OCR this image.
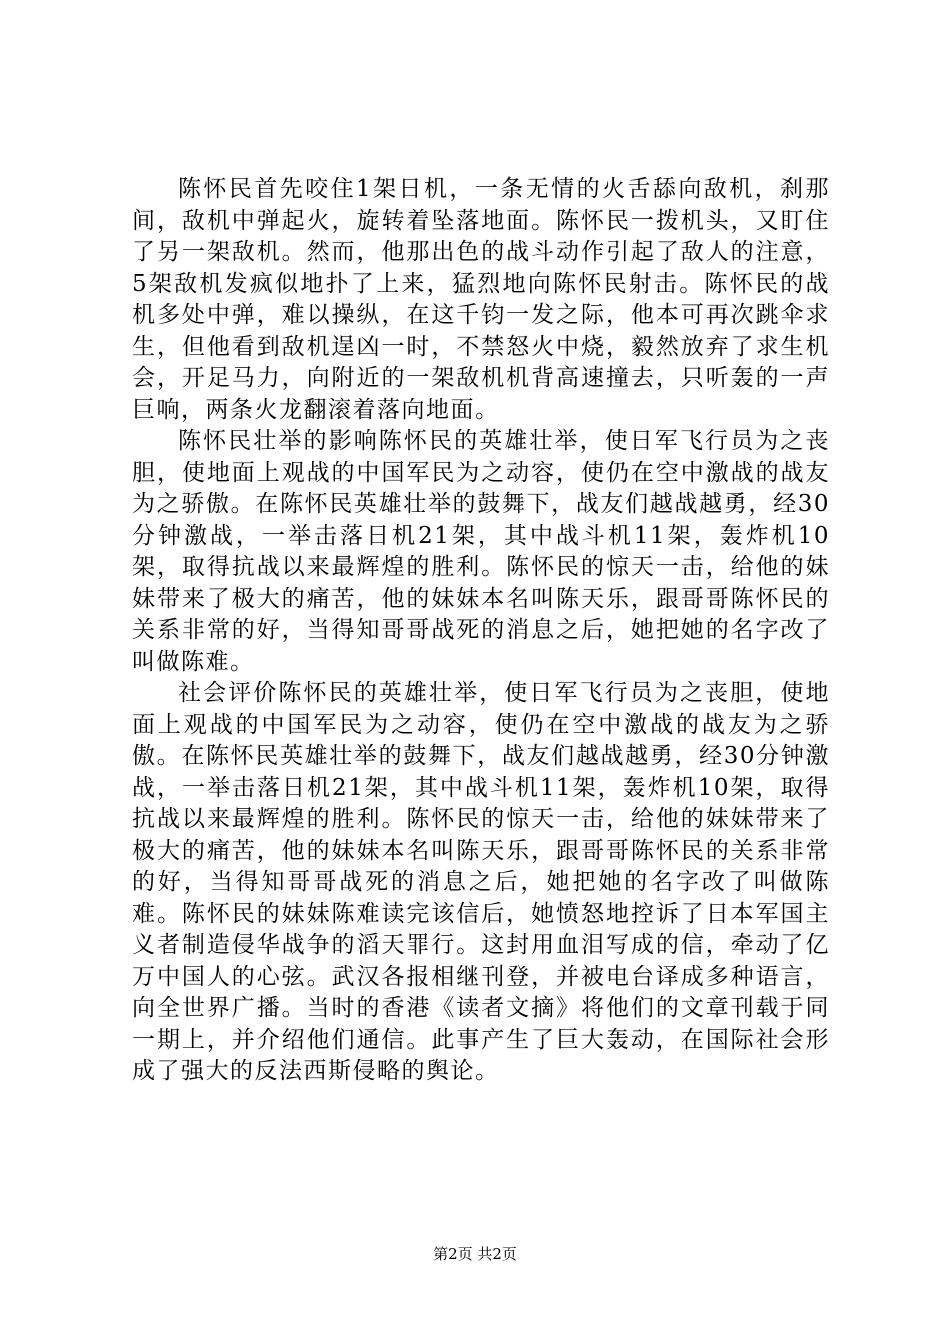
陈怀民首先咬住1架日机，一条无情的火舌舔向敌机，刹那间，敌机中弹起火，旋转着坠落地面。陈怀民一拨机头，又盯住了另一架敌机。然而，他那出色的战斗动作引起了敌人的注意，5架敌机发疯似地扑了上来，猛烈地向陈怀民射击。陈怀民的战机多处中弹，难以操纵，在这千钧一发之际，他本可再次跳伞求生，但他看到敌机逞凶一时，不禁怒火中烧，毅然放弃了求生机会，开足马力，向附近的一架敌机机背高速撞去，只听轰的一声巨响，两条火龙翻滚着落向地面。

陈怀民壮举的影响陈怀民的英雄壮举，使日军飞行员为之丧胆，使地面上观战的中国军民为之动容，使仍在空中激战的战友为之骄傲。在陈怀民英雄壮举的鼓舞下，战友们越战越勇，经30分钟激战，一举击落日机21架，其中战斗机11架，轰炸机10架，取得抗战以来最辉煌的胜利。陈怀民的惊天一击，给他的妹妹带来了极大的痛苦，他的妹妹本名叫陈天乐，跟哥哥陈怀民的关系非常的好，当得知哥哥战死的消息之后，她把她的名字改了叫做陈难。

社会评价陈怀民的英雄壮举，使日军飞行员为之丧胆，使地面上观战的中国军民为之动容，使仍在空中激战的战友为之骄傲。在陈怀民英雄壮举的鼓舞下，战友们越战越勇，经30分钟激战，一举击落日机21架，其中战斗机11架，轰炸机10架，取得抗战以来最辉煌的胜利。陈怀民的惊天一击，给他的妹妹带来了极大的痛苦，他的妹妹本名叫陈天乐，跟哥哥陈怀民的关系非常的好，当得知哥哥战死的消息之后，她把她的名字改了叫做陈难。陈怀民的妹妹陈难读完该信后，她愤怒地控诉了日本军国主义者制造侵华战争的滔天罪行。这封用血泪写成的信，牵动了亿万中国人的心弦。武汉各报相继刊登，并被电台译成多种语言，向全世界广播。当时的香港《读者文摘》将他们的文章刊载于同一期上，并介绍他们通信。此事产生了巨大轰动，在国际社会形成了强大的反法西斯侵略的舆论。

第2页 共2页
